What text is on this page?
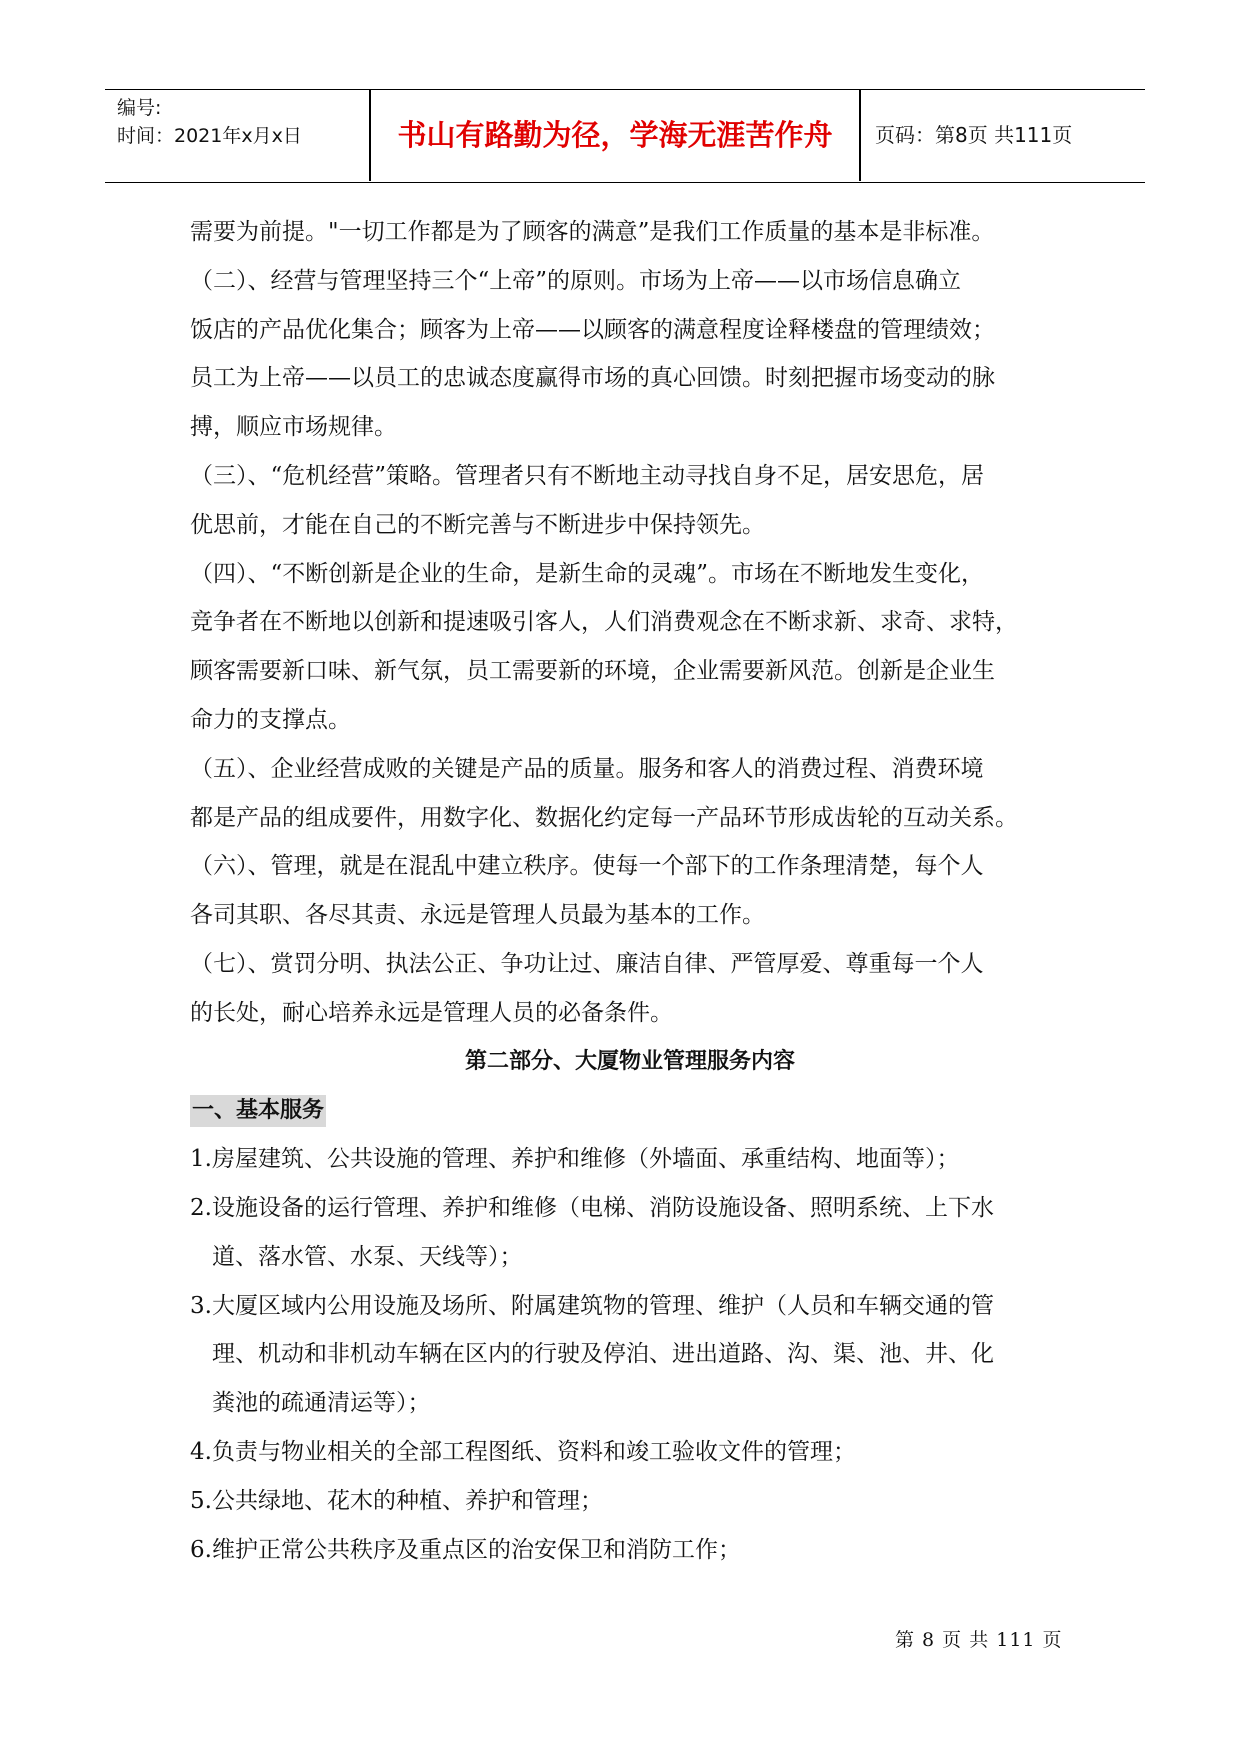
编号:
时间：2021年x月x日	书山有路勤为径，学海无涯苦作舟	页码：第8页 共111页

需要为前提。"一切工作都是为了顾客的满意”是我们工作质量的基本是非标准。

（二）、经营与管理坚持三个“上帝”的原则。市场为上帝——以市场信息确立

饭店的产品优化集合；顾客为上帝——以顾客的满意程度诠释楼盘的管理绩效；

员工为上帝——以员工的忠诚态度赢得市场的真心回馈。时刻把握市场变动的脉

搏，顺应市场规律。

（三）、“危机经营”策略。管理者只有不断地主动寻找自身不足，居安思危，居

优思前，才能在自己的不断完善与不断进步中保持领先。

（四）、“不断创新是企业的生命，是新生命的灵魂”。市场在不断地发生变化，

竞争者在不断地以创新和提速吸引客人，人们消费观念在不断求新、求奇、求特，

顾客需要新口味、新气氛，员工需要新的环境，企业需要新风范。创新是企业生

命力的支撑点。

（五）、企业经营成败的关键是产品的质量。服务和客人的消费过程、消费环境

都是产品的组成要件，用数字化、数据化约定每一产品环节形成齿轮的互动关系。

（六）、管理，就是在混乱中建立秩序。使每一个部下的工作条理清楚，每个人

各司其职、各尽其责、永远是管理人员最为基本的工作。

（七）、赏罚分明、执法公正、争功让过、廉洁自律、严管厚爱、尊重每一个人

的长处，耐心培养永远是管理人员的必备条件。

第二部分、大厦物业管理服务内容

一、基本服务

1.房屋建筑、公共设施的管理、养护和维修（外墙面、承重结构、地面等）；

2.设施设备的运行管理、养护和维修（电梯、消防设施设备、照明系统、上下水

道、落水管、水泵、天线等）；

3.大厦区域内公用设施及场所、附属建筑物的管理、维护（人员和车辆交通的管

理、机动和非机动车辆在区内的行驶及停泊、进出道路、沟、渠、池、井、化

粪池的疏通清运等）；

4.负责与物业相关的全部工程图纸、资料和竣工验收文件的管理；

5.公共绿地、花木的种植、养护和管理；

6.维护正常公共秩序及重点区的治安保卫和消防工作；

第 8 页 共 111 页
